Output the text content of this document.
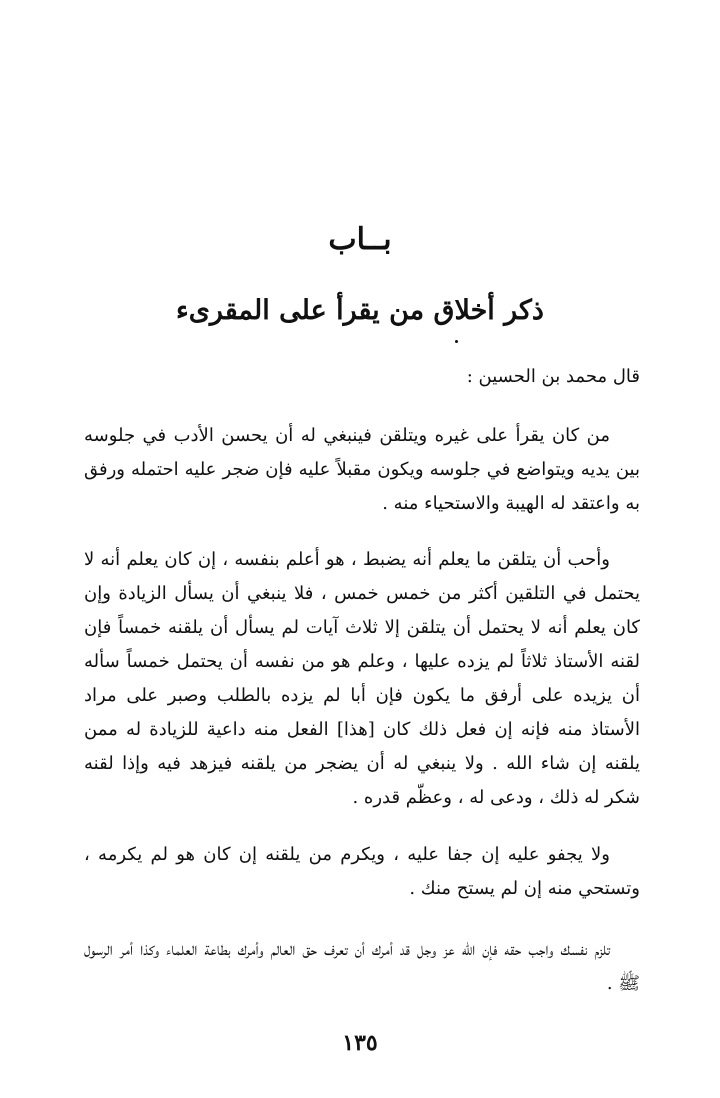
بــاب
ذكر أخلاق من يقرأ على المقرىء

قال محمد بن الحسين :

من كان يقرأ على غيره ويتلقن فينبغي له أن يحسن الأدب في جلوسه بين يديه ويتواضع في جلوسه ويكون مقبلاً عليه فإن ضجر عليه احتمله ورفق به واعتقد له الهيبة والاستحياء منه .

وأحب أن يتلقن ما يعلم أنه يضبط ، هو أعلم بنفسه ، إن كان يعلم أنه لا يحتمل في التلقين أكثر من خمس خمس ، فلا ينبغي أن يسأل الزيادة وإن كان يعلم أنه لا يحتمل أن يتلقن إلا ثلاث آيات لم يسأل أن يلقنه خمساً فإن لقنه الأستاذ ثلاثاً لم يزده عليها ، وعلم هو من نفسه أن يحتمل خمساً سأله أن يزيده على أرفق ما يكون فإن أبا لم يزده بالطلب وصبر على مراد الأستاذ منه فإنه إن فعل ذلك كان [هذا] الفعل منه داعية للزيادة له ممن يلقنه إن شاء الله . ولا ينبغي له أن يضجر من يلقنه فيزهد فيه وإذا لقنه شكر له ذلك ، ودعى له ، وعظّم قدره .

ولا يجفو عليه إن جفا عليه ، ويكرم من يلقنه إن كان هو لم يكرمه ، وتستحي منه إن لم يستح منك .

تلزم نفسك واجب حقه فإن الله عز وجل قد أمرك أن تعرف حق العالم وأمرك بطاعة العلماء وكذا أمر الرسول ﷺ .

١٣٥
